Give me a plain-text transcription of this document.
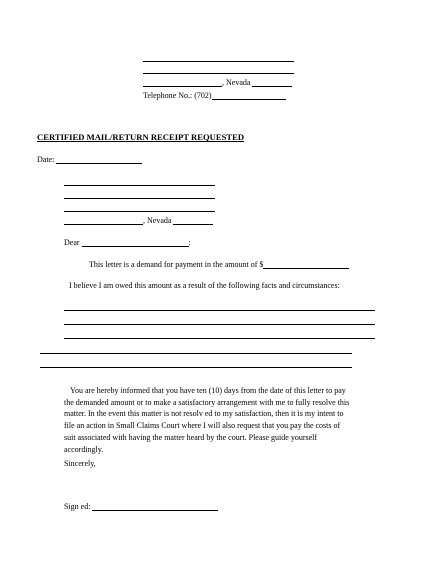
, Nevada
Telephone No.: (702)
CERTIFIED MAIL/RETURN RECEIPT REQUESTED
Date:
, Nevada
Dear	:
This letter is a demand for payment in the amount of $
I believe I am owed this amount as a result of the following facts and circumstances:
You are hereby informed that you have ten (10) days from the date of this letter to pay
the demanded amount or to make a satisfactory arrangement with me to fully resolve this
matter. In the event this matter is not resolv ed to my satisfaction, then it is my intent to
file an action in Small Claims Court where I will also request that you pay the costs of
suit associated with having the matter heard by the court. Please guide yourself
accordingly.
Sincerely,
Sign ed:
